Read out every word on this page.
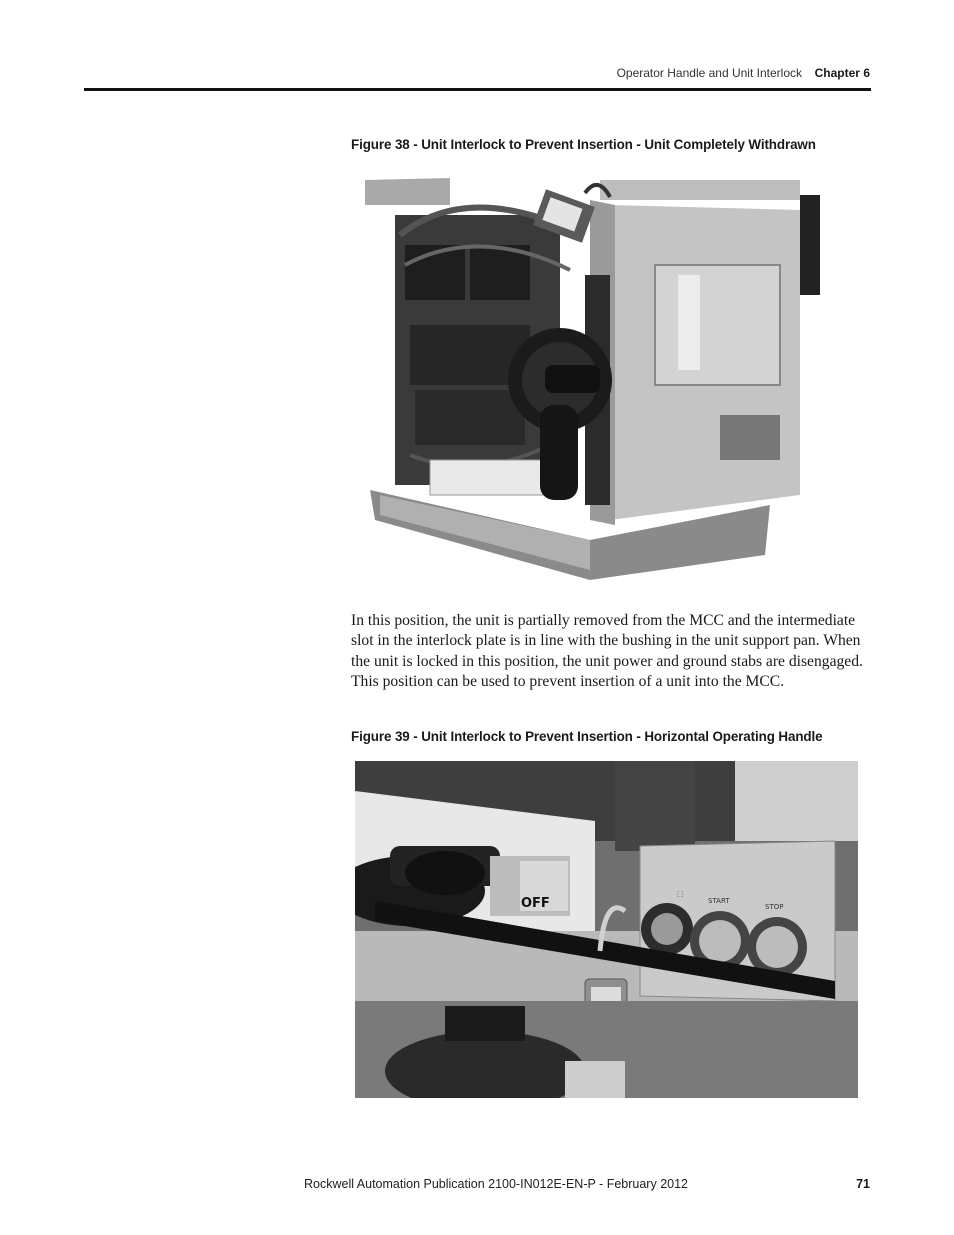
Operator Handle and Unit Interlock Chapter 6
Figure 38 - Unit Interlock to Prevent Insertion - Unit Completely Withdrawn

In this position, the unit is partially removed from the MCC and the intermediate slot in the interlock plate is in line with the bushing in the unit support pan. When the unit is locked in this position, the unit power and ground stabs are disengaged. This position can be used to prevent insertion of a unit into the MCC.

Figure 39 - Unit Interlock to Prevent Insertion - Horizontal Operating Handle
OFF
⬚
START
STOP
Rockwell Automation Publication 2100-IN012E-EN-P - February 2012	71
